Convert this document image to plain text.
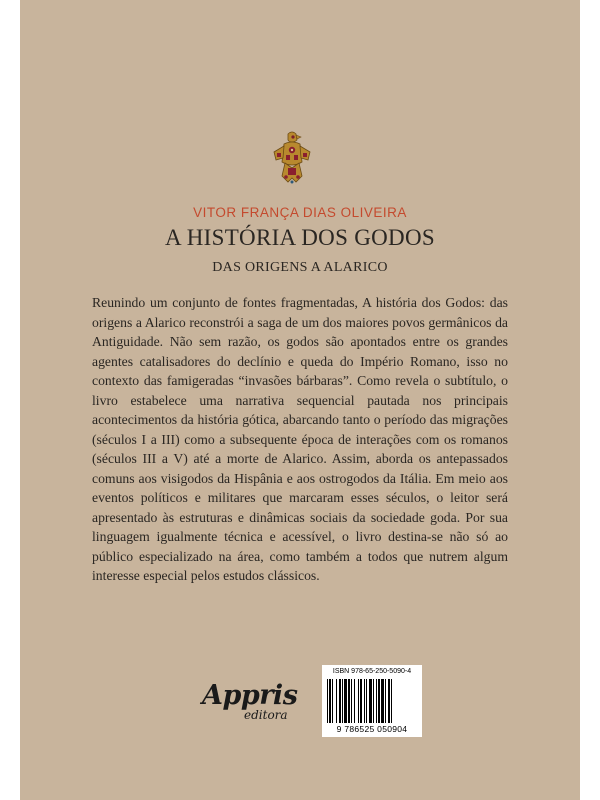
VITOR FRANÇA DIAS OLIVEIRA
A HISTÓRIA DOS GODOS
DAS ORIGENS A ALARICO
Reunindo um conjunto de fontes fragmentadas, A história dos Godos: das origens a Alarico reconstrói a saga de um dos maiores povos germânicos da Antiguidade. Não sem razão, os godos são apontados entre os grandes agentes catalisadores do declínio e queda do Império Romano, isso no contexto das famigeradas “invasões bárbaras”. Como revela o subtítulo, o livro estabelece uma narrativa sequencial pautada nos principais acontecimentos da história gótica, abarcando tanto o período das migrações (séculos I a III) como a subsequente época de interações com os romanos (séculos III a V) até a morte de Alarico. Assim, aborda os antepassados comuns aos visigodos da Hispânia e aos ostrogodos da Itália. Em meio aos eventos políticos e militares que marcaram esses séculos, o leitor será apresentado às estruturas e dinâmicas sociais da sociedade goda. Por sua linguagem igualmente técnica e acessível, o livro destina-se não só ao público especializado na área, como também a todos que nutrem algum interesse especial pelos estudos clássicos.
Appris
editora
ISBN 978-65-250-5090-4
9 786525 050904
